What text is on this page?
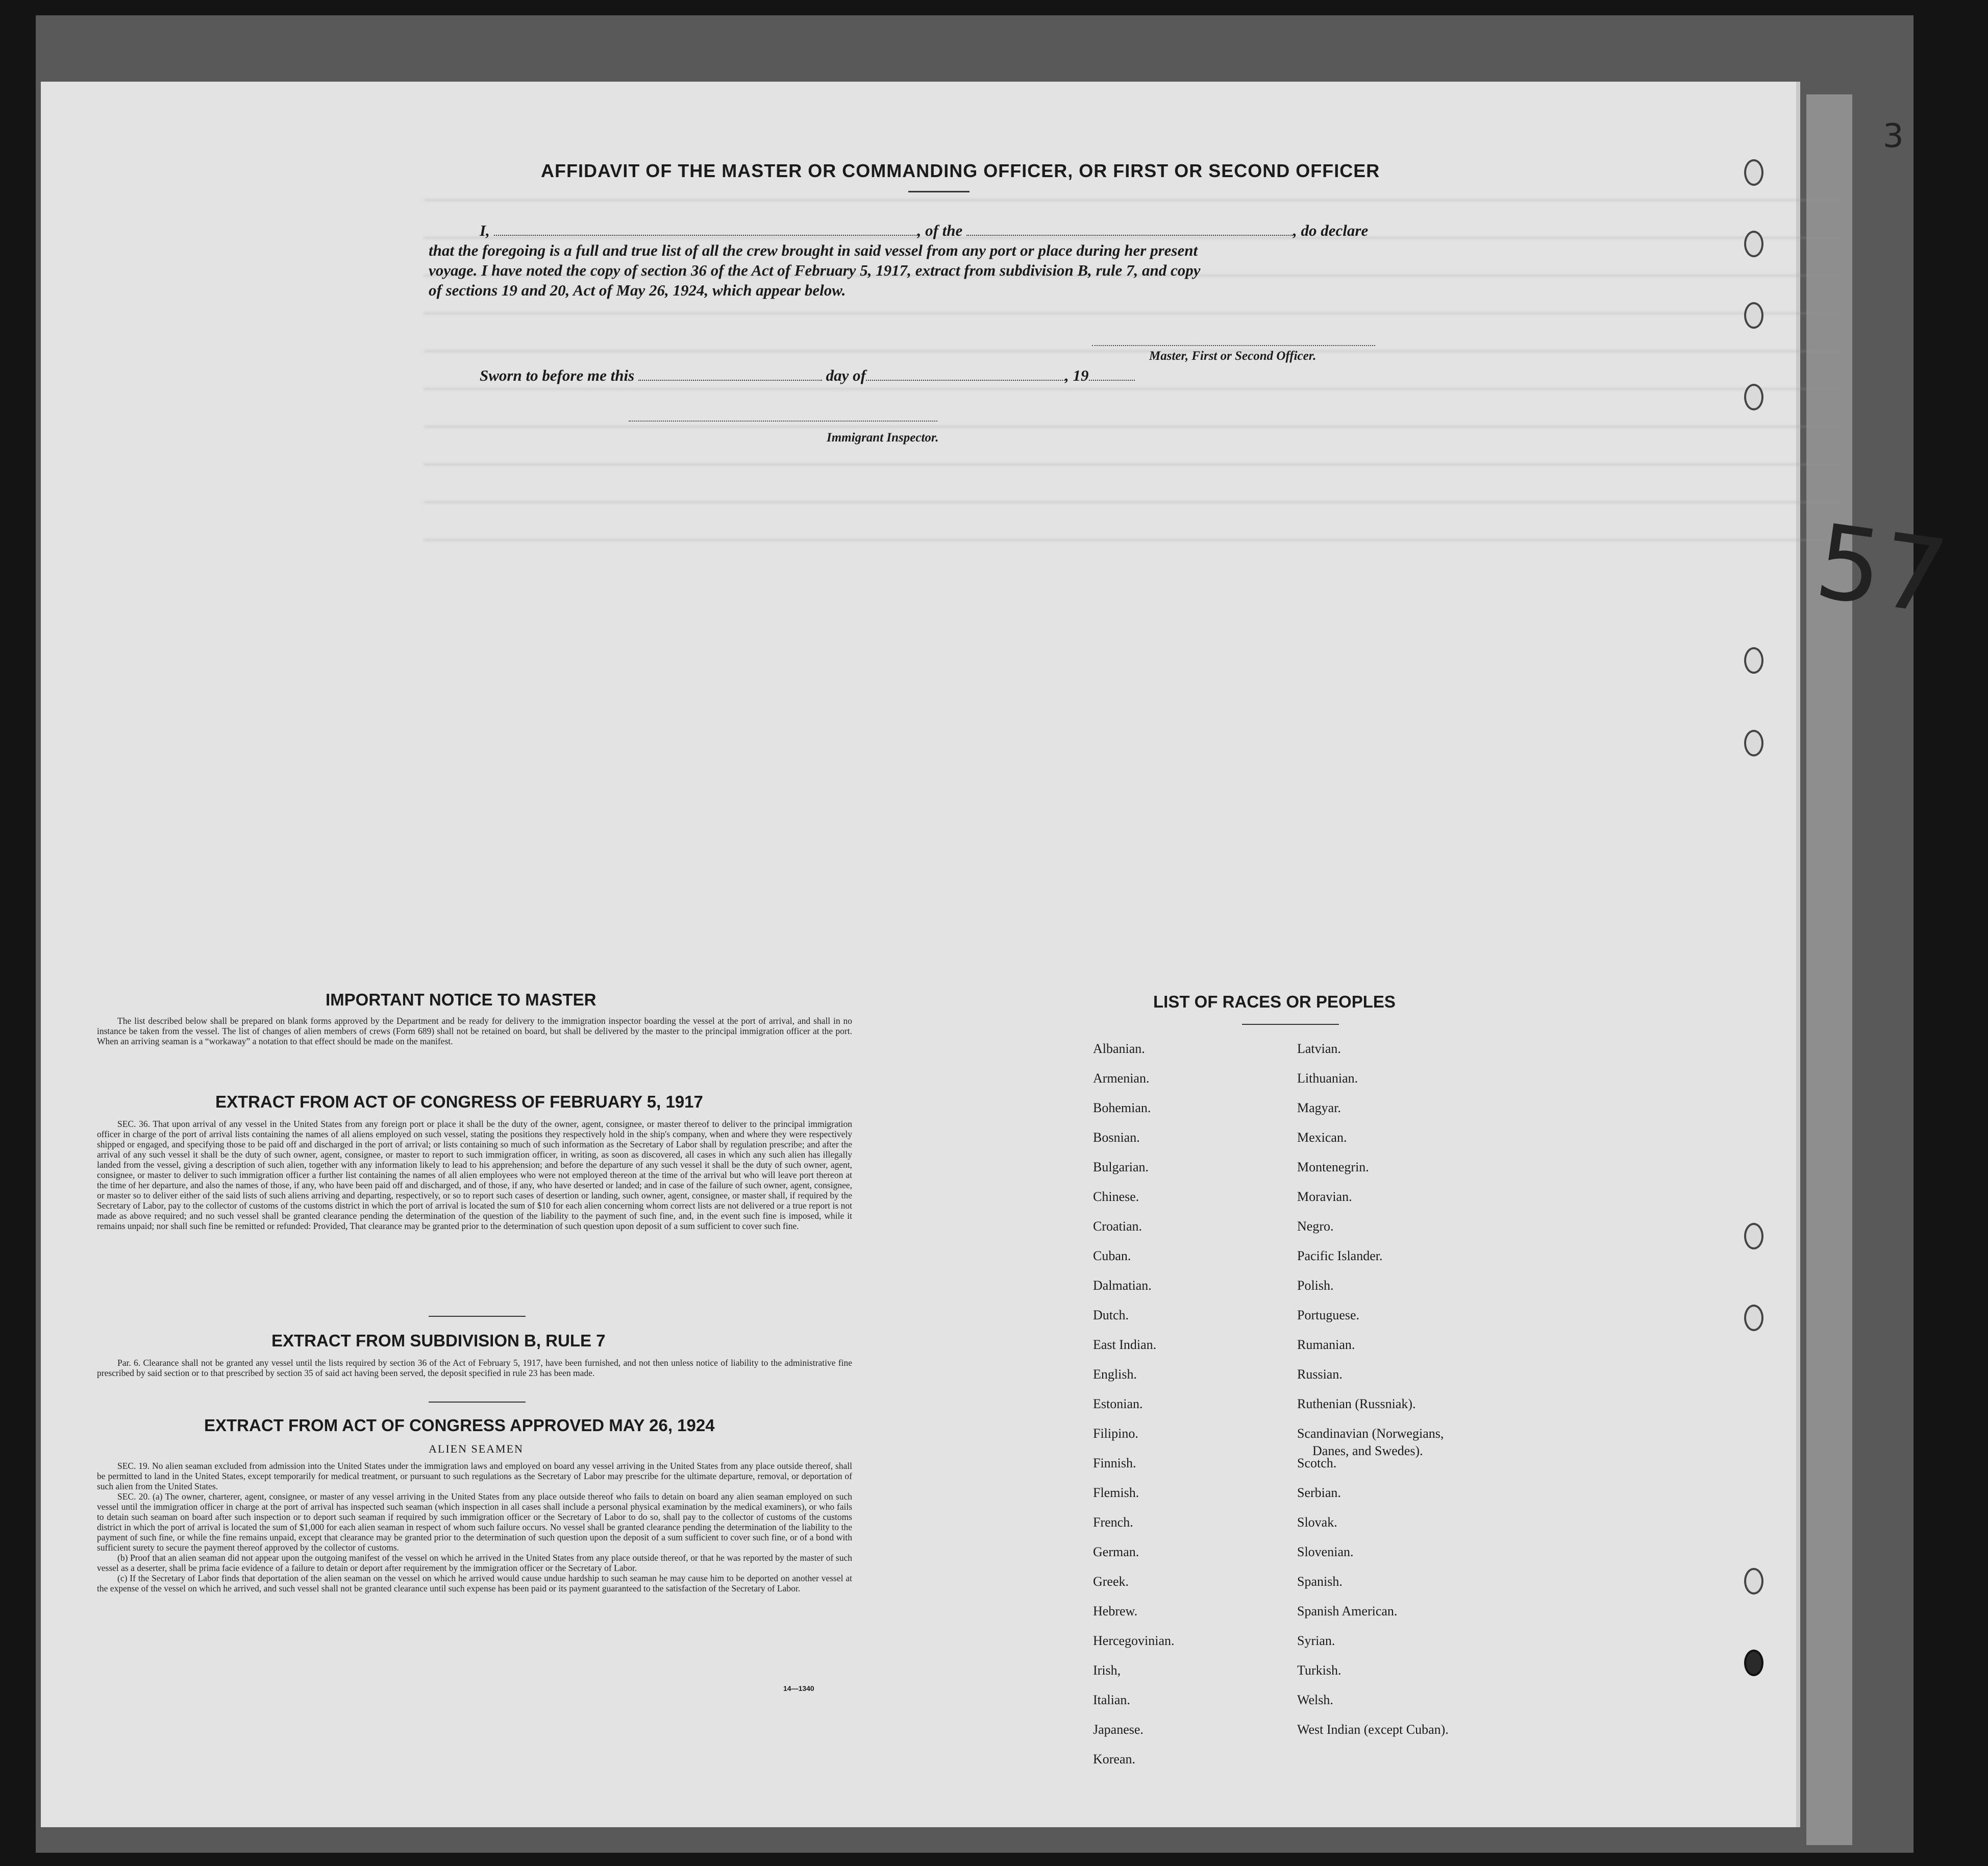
3
57
AFFIDAVIT OF THE MASTER OR COMMANDING OFFICER, OR FIRST OR SECOND OFFICER
I,	, of the	, do declare

that the foregoing is a full and true list of all the crew brought in said vessel from any port or place during her present

voyage. I have noted the copy of section 36 of the Act of February 5, 1917, extract from subdivision B, rule 7, and copy

of sections 19 and 20, Act of May 26, 1924, which appear below.

Master, First or Second Officer.
Sworn to before me this	day of	, 19
Immigrant Inspector.
IMPORTANT NOTICE TO MASTER

The list described below shall be prepared on blank forms approved by the Department and be ready for delivery to the immigration inspector boarding the vessel at the port of arrival, and shall in no instance be taken from the vessel. The list of changes of alien members of crews (Form 689) shall not be retained on board, but shall be delivered by the master to the principal immigration officer at the port. When an arriving seaman is a “workaway” a notation to that effect should be made on the manifest.

EXTRACT FROM ACT OF CONGRESS OF FEBRUARY 5, 1917

SEC. 36. That upon arrival of any vessel in the United States from any foreign port or place it shall be the duty of the owner, agent, consignee, or master thereof to deliver to the principal immigration officer in charge of the port of arrival lists containing the names of all aliens employed on such vessel, stating the positions they respectively hold in the ship's company, when and where they were respectively shipped or engaged, and specifying those to be paid off and discharged in the port of arrival; or lists containing so much of such information as the Secretary of Labor shall by regulation prescribe; and after the arrival of any such vessel it shall be the duty of such owner, agent, consignee, or master to report to such immigration officer, in writing, as soon as discovered, all cases in which any such alien has illegally landed from the vessel, giving a description of such alien, together with any information likely to lead to his apprehension; and before the departure of any such vessel it shall be the duty of such owner, agent, consignee, or master to deliver to such immigration officer a further list containing the names of all alien employees who were not employed thereon at the time of the arrival but who will leave port thereon at the time of her departure, and also the names of those, if any, who have been paid off and discharged, and of those, if any, who have deserted or landed; and in case of the failure of such owner, agent, consignee, or master so to deliver either of the said lists of such aliens arriving and departing, respectively, or so to report such cases of desertion or landing, such owner, agent, consignee, or master shall, if required by the Secretary of Labor, pay to the collector of customs of the customs district in which the port of arrival is located the sum of $10 for each alien concerning whom correct lists are not delivered or a true report is not made as above required; and no such vessel shall be granted clearance pending the determination of the question of the liability to the payment of such fine, and, in the event such fine is imposed, while it remains unpaid; nor shall such fine be remitted or refunded: Provided, That clearance may be granted prior to the determination of such question upon deposit of a sum sufficient to cover such fine.

EXTRACT FROM SUBDIVISION B, RULE 7

Par. 6. Clearance shall not be granted any vessel until the lists required by section 36 of the Act of February 5, 1917, have been furnished, and not then unless notice of liability to the administrative fine prescribed by said section or to that prescribed by section 35 of said act having been served, the deposit specified in rule 23 has been made.

EXTRACT FROM ACT OF CONGRESS APPROVED MAY 26, 1924
ALIEN SEAMEN

SEC. 19. No alien seaman excluded from admission into the United States under the immigration laws and employed on board any vessel arriving in the United States from any place outside thereof, shall be permitted to land in the United States, except temporarily for medical treatment, or pursuant to such regulations as the Secretary of Labor may prescribe for the ultimate departure, removal, or deportation of such alien from the United States.

SEC. 20. (a) The owner, charterer, agent, consignee, or master of any vessel arriving in the United States from any place outside thereof who fails to detain on board any alien seaman employed on such vessel until the immigration officer in charge at the port of arrival has inspected such seaman (which inspection in all cases shall include a personal physical examination by the medical examiners), or who fails to detain such seaman on board after such inspection or to deport such seaman if required by such immigration officer or the Secretary of Labor to do so, shall pay to the collector of customs of the customs district in which the port of arrival is located the sum of $1,000 for each alien seaman in respect of whom such failure occurs. No vessel shall be granted clearance pending the determination of the liability to the payment of such fine, or while the fine remains unpaid, except that clearance may be granted prior to the determination of such question upon the deposit of a sum sufficient to cover such fine, or of a bond with sufficient surety to secure the payment thereof approved by the collector of customs.

(b) Proof that an alien seaman did not appear upon the outgoing manifest of the vessel on which he arrived in the United States from any place outside thereof, or that he was reported by the master of such vessel as a deserter, shall be prima facie evidence of a failure to detain or deport after requirement by the immigration officer or the Secretary of Labor.

(c) If the Secretary of Labor finds that deportation of the alien seaman on the vessel on which he arrived would cause undue hardship to such seaman he may cause him to be deported on another vessel at the expense of the vessel on which he arrived, and such vessel shall not be granted clearance until such expense has been paid or its payment guaranteed to the satisfaction of the Secretary of Labor.

14—1340
LIST OF RACES OR PEOPLES
Albanian.
Armenian.
Bohemian.
Bosnian.
Bulgarian.
Chinese.
Croatian.
Cuban.
Dalmatian.
Dutch.
East Indian.
English.
Estonian.
Filipino.
Finnish.
Flemish.
French.
German.
Greek.
Hebrew.
Hercegovinian.
Irish,
Italian.
Japanese.
Korean.
Latvian.
Lithuanian.
Magyar.
Mexican.
Montenegrin.
Moravian.
Negro.
Pacific Islander.
Polish.
Portuguese.
Rumanian.
Russian.
Ruthenian (Russniak).
Scandinavian (Norwegians,
Danes, and Swedes).
Scotch.
Serbian.
Slovak.
Slovenian.
Spanish.
Spanish American.
Syrian.
Turkish.
Welsh.
West Indian (except Cuban).
